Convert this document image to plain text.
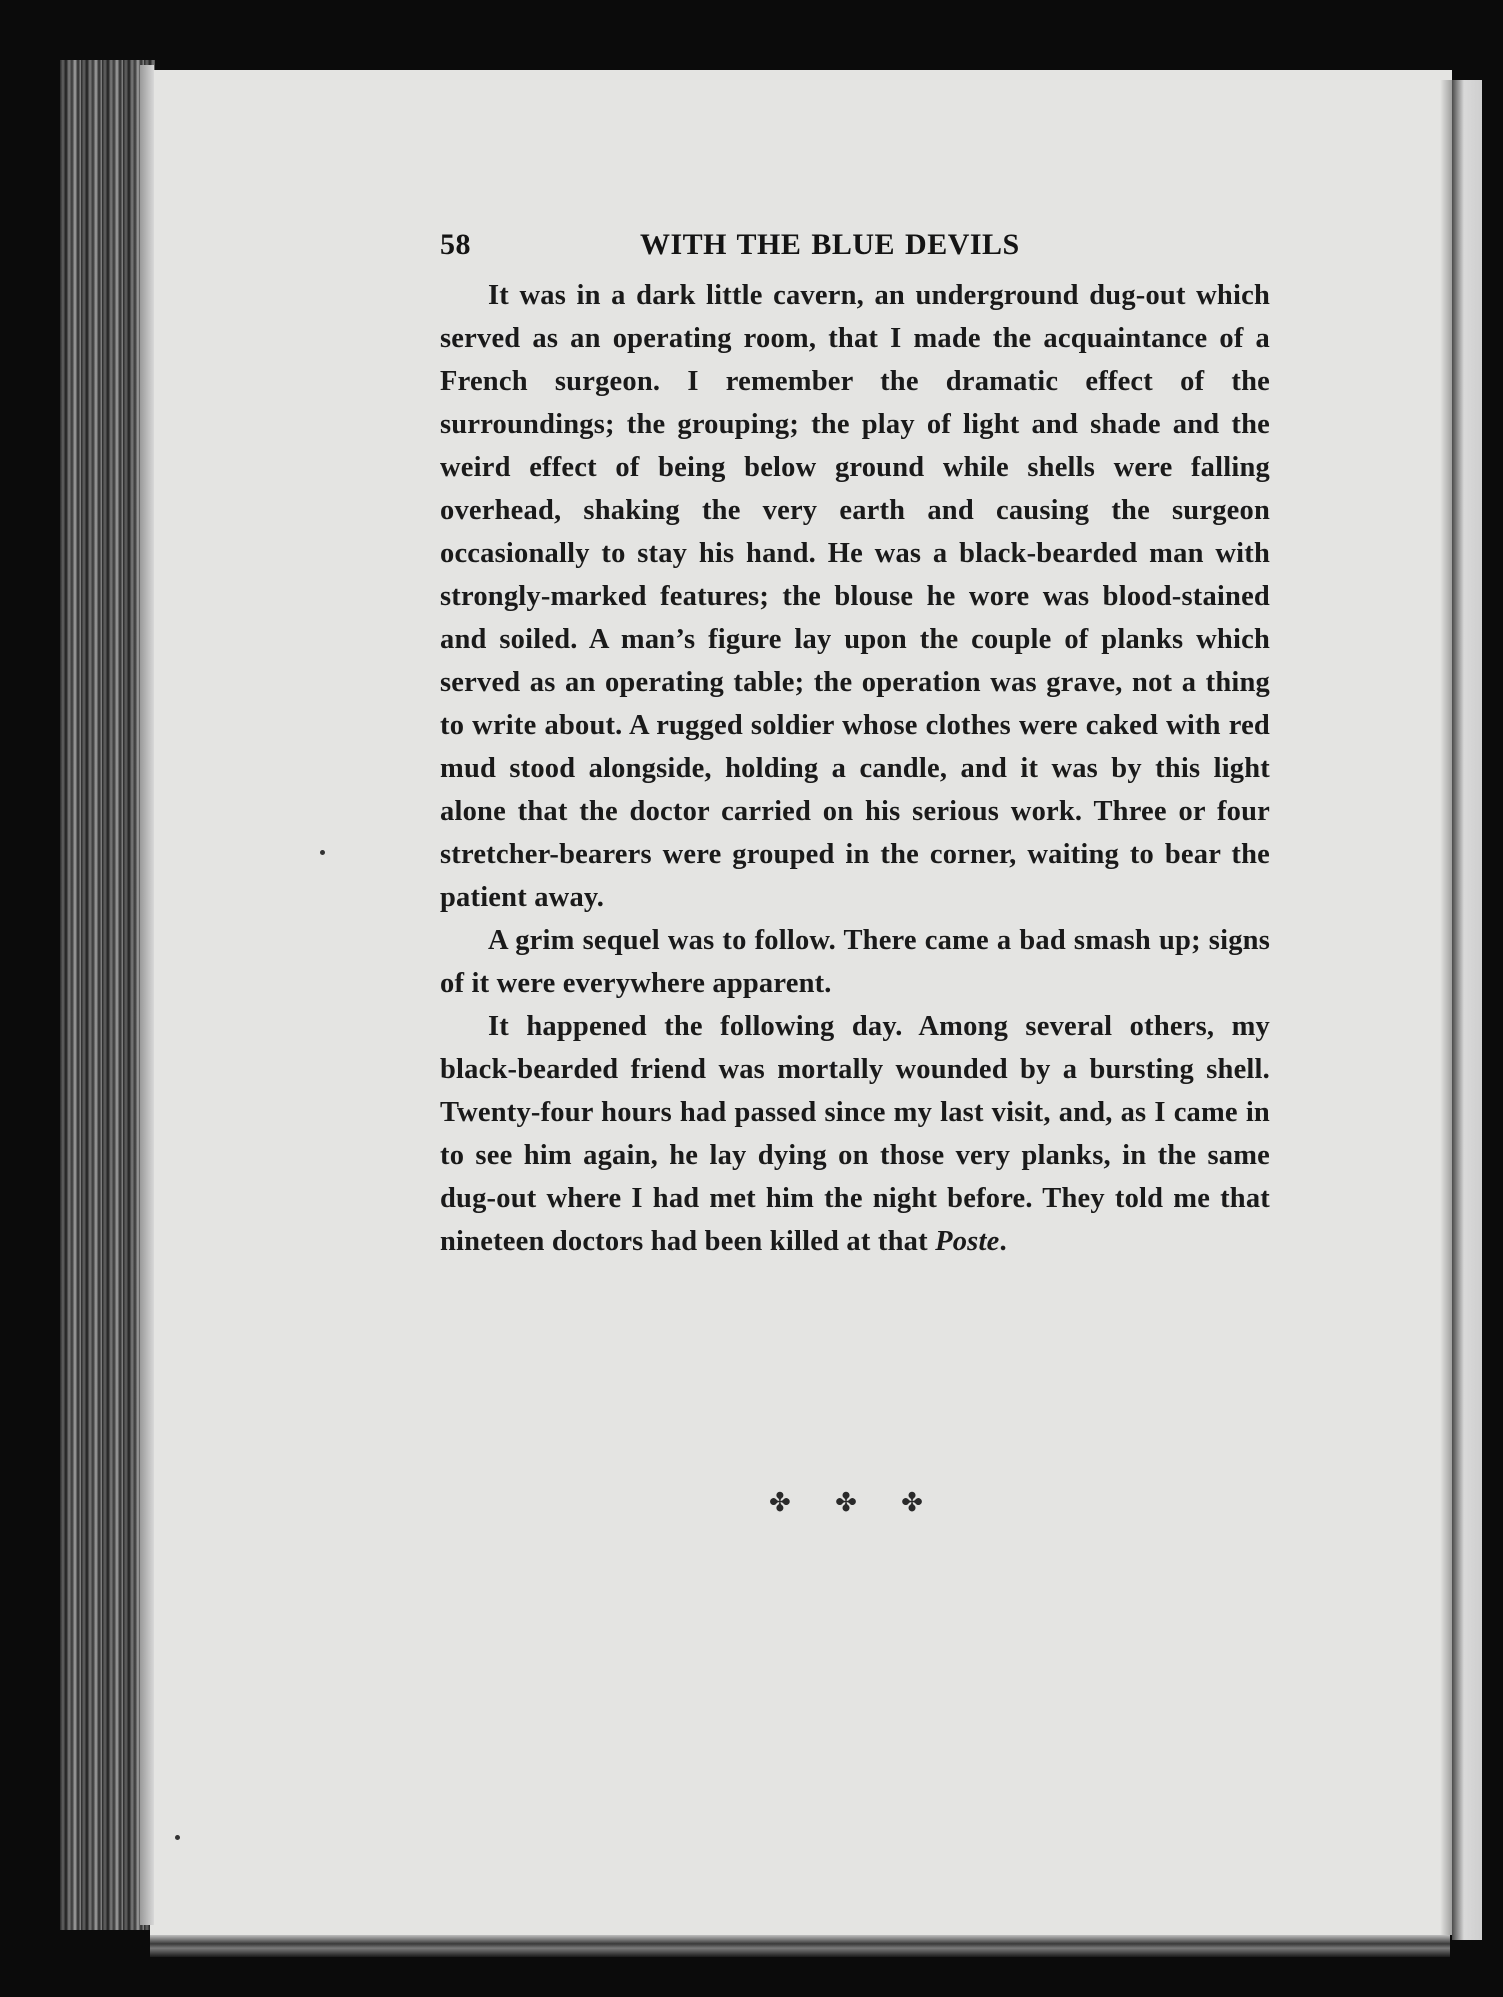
58	WITH THE BLUE DEVILS

It was in a dark little cavern, an underground dug-out which served as an operating room, that I made the acquaintance of a French surgeon. I remember the dramatic effect of the surroundings; the grouping; the play of light and shade and the weird effect of being below ground while shells were falling overhead, shaking the very earth and causing the surgeon occasionally to stay his hand. He was a black-bearded man with strongly-marked features; the blouse he wore was blood-stained and soiled. A man’s figure lay upon the couple of planks which served as an operating table; the operation was grave, not a thing to write about. A rugged soldier whose clothes were caked with red mud stood alongside, holding a candle, and it was by this light alone that the doctor carried on his serious work. Three or four stretcher-bearers were grouped in the corner, waiting to bear the patient away.

A grim sequel was to follow. There came a bad smash up; signs of it were everywhere apparent.

It happened the following day. Among several others, my black-bearded friend was mortally wounded by a bursting shell. Twenty-four hours had passed since my last visit, and, as I came in to see him again, he lay dying on those very planks, in the same dug-out where I had met him the night before. They told me that nineteen doctors had been killed at that Poste.

✤ ✤ ✤
